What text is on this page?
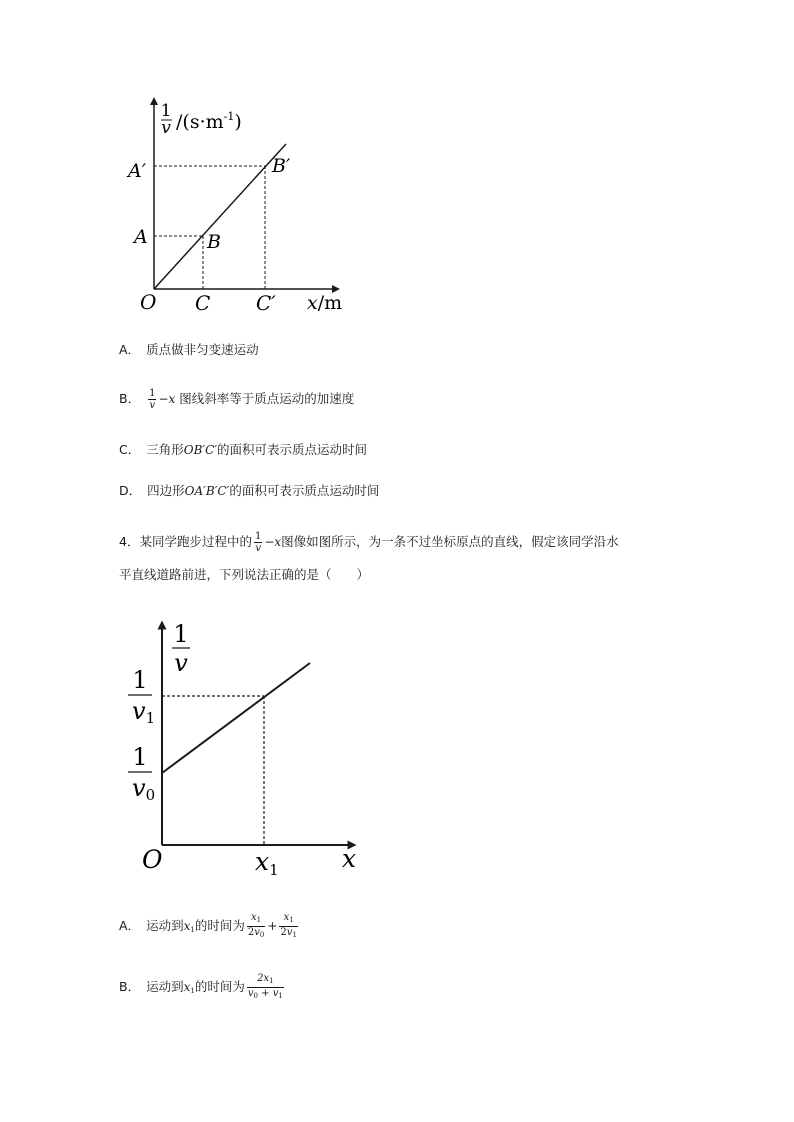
1
v $/(s\cdot m^{-1})$
A′
A	B
B′
O C C′ x/m
A． 质点做非匀变速运动
B． $\frac{1}{v} -x$ 图线斜率等于质点运动的加速度
C． 三角形OB′C′的面积可表示质点运动时间
D． 四边形OA′B′C′的面积可表示质点运动时间
4．某同学跑步过程中的 $\frac{1}{v} -x$图像如图所示，为一条不过坐标原点的直线，假定该同学沿水
平直线道路前进，下列说法正确的是（　　）
1
v
1
v1
1
v0
O	$x_1$	x
A． 运动到$x_1$的时间为 $\frac{x_1}{2v_0} + \frac{x_1}{2v_1}$
B． 运动到$x_1$的时间为 $\frac{2x_1}{v_0 + v_1}$
